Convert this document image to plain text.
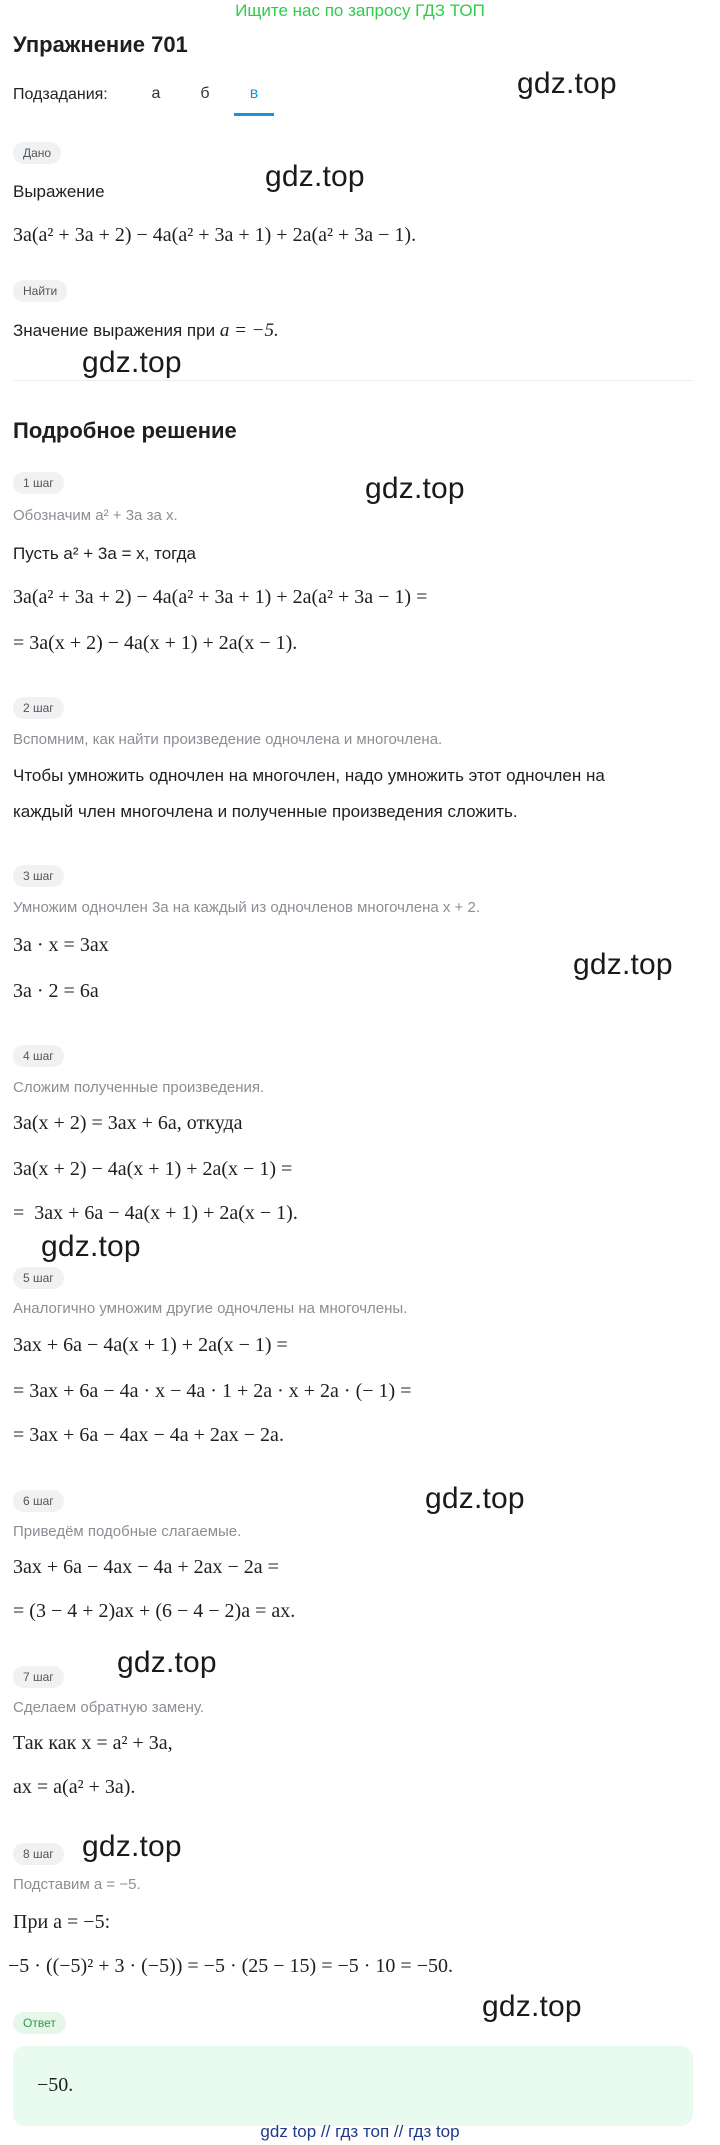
Ищите нас по запросу ГДЗ ТОП
Упражнение 701
Подзадания:	а	б	в	gdz.top
gdz.top
gdz.top
gdz.top
gdz.top
gdz.top
gdz.top
gdz.top
gdz.top
gdz.top
Дано
Выражение
3a(a² + 3a + 2) − 4a(a² + 3a + 1) + 2a(a² + 3a − 1).
Найти
Значение выражения при a = −5.
Подробное решение
1 шаг
Обозначим a² + 3a за x.
Пусть a² + 3a = x, тогда
3a(a² + 3a + 2) − 4a(a² + 3a + 1) + 2a(a² + 3a − 1) =
= 3a(x + 2) − 4a(x + 1) + 2a(x − 1).
2 шаг
Вспомним, как найти произведение одночлена и многочлена.
Чтобы умножить одночлен на многочлен, надо умножить этот одночлен на
каждый член многочлена и полученные произведения сложить.
3 шаг
Умножим одночлен 3a на каждый из одночленов многочлена x + 2.
3a · x = 3ax
3a · 2 = 6a
4 шаг
Сложим полученные произведения.
3a(x + 2) = 3ax + 6a, откуда
3a(x + 2) − 4a(x + 1) + 2a(x − 1) =
=  3ax + 6a − 4a(x + 1) + 2a(x − 1).
5 шаг
Аналогично умножим другие одночлены на многочлены.
3ax + 6a − 4a(x + 1) + 2a(x − 1) =
= 3ax + 6a − 4a · x − 4a · 1 + 2a · x + 2a · (− 1) =
= 3ax + 6a − 4ax − 4a + 2ax − 2a.
6 шаг
Приведём подобные слагаемые.
3ax + 6a − 4ax − 4a + 2ax − 2a =
= (3 − 4 + 2)ax + (6 − 4 − 2)a = ax.
7 шаг
Сделаем обратную замену.
Так как x = a² + 3a,
ax = a(a² + 3a).
8 шаг
Подставим a = −5.
При a = −5:
−5 · ((−5)² + 3 · (−5)) = −5 · (25 − 15) = −5 · 10 = −50.
Ответ
−50.
gdz top // гдз топ // гдз top
